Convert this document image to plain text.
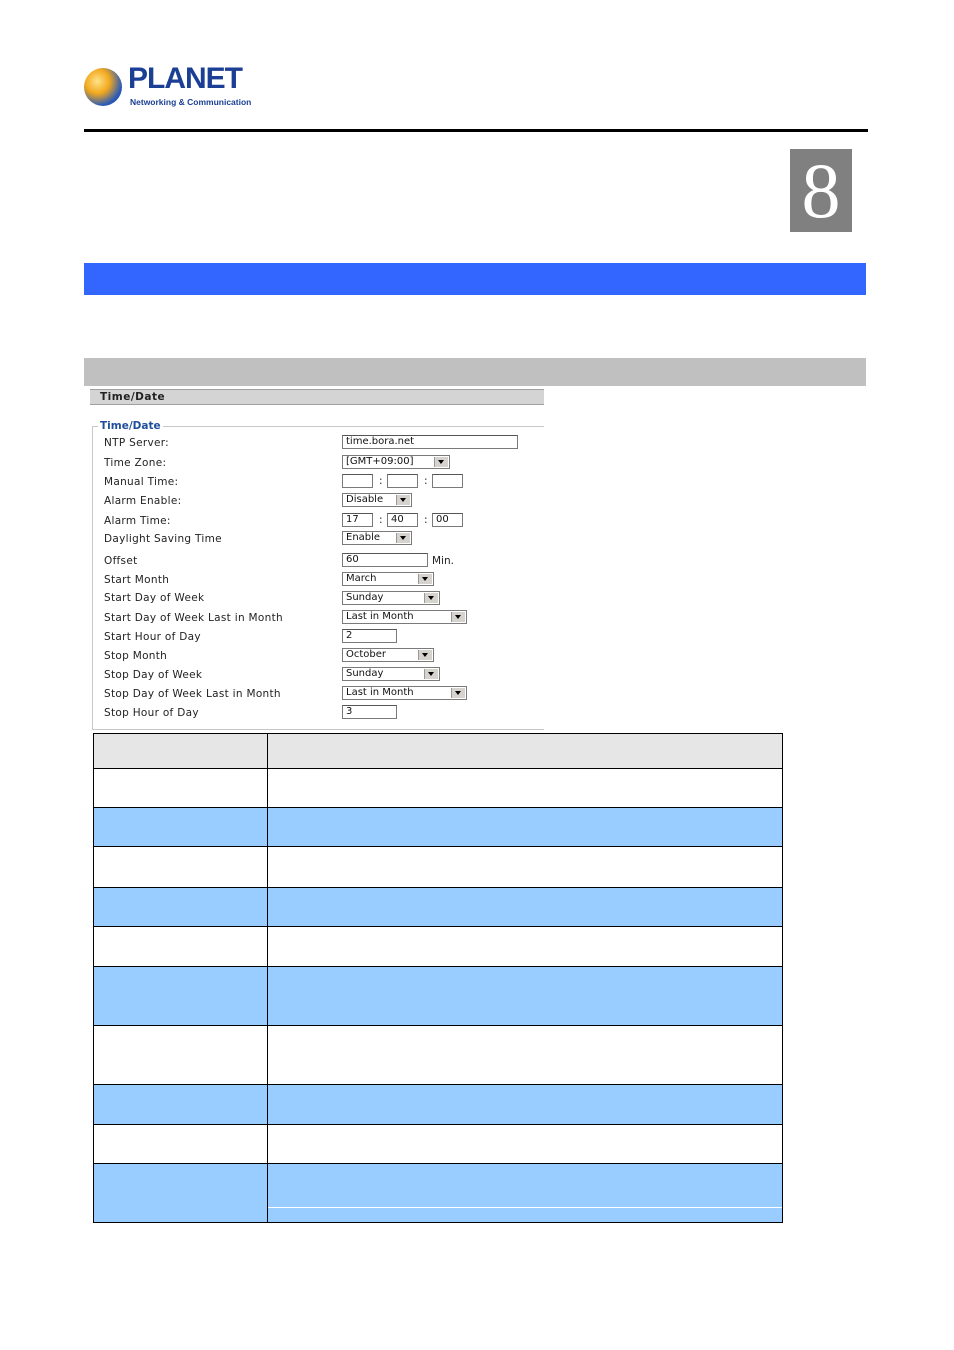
PLANET
Networking & Communication
8
Time/Date
Time/Date
NTP Server:	time.bora.net
Time Zone:	[GMT+09:00]
Manual Time:	:	:
Alarm Enable:	Disable
Alarm Time:	17	: 40	: 00
Daylight Saving Time	Enable
Offset	60	Min.
Start Month	March
Start Day of Week	Sunday
Start Day of Week Last in Month	Last in Month
Start Hour of Day	2
Stop Month	October
Stop Day of Week	Sunday
Stop Day of Week Last in Month	Last in Month
Stop Hour of Day	3
